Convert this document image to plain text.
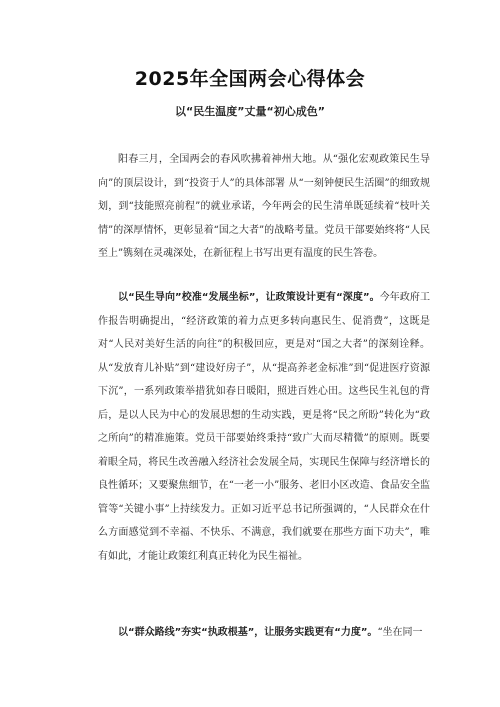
2025年全国两会心得体会
以“民生温度”丈量“初心成色”

阳春三月，全国两会的春风吹拂着神州大地。从“强化宏观政策民生导向”的顶层设计，到“投资于人”的具体部署 从“一刻钟便民生活圈”的细致规划，到“技能照亮前程”的就业承诺，今年两会的民生清单既延续着“枝叶关情”的深厚情怀，更彰显着“国之大者”的战略考量。党员干部要始终将“人民至上”镌刻在灵魂深处，在新征程上书写出更有温度的民生答卷。

以“民生导向”校准“发展坐标”，让政策设计更有“深度”。今年政府工作报告明确提出，“经济政策的着力点更多转向惠民生、促消费”，这既是对“人民对美好生活的向往”的积极回应，更是对“国之大者”的深刻诠释。从“发放育儿补贴”到“建设好房子”，从“提高养老金标准”到“促进医疗资源下沉”，一系列政策举措犹如春日暖阳，照进百姓心田。这些民生礼包的背后，是以人民为中心的发展思想的生动实践，更是将“民之所盼”转化为“政之所向”的精准施策。党员干部要始终秉持“致广大而尽精微”的原则。既要着眼全局，将民生改善融入经济社会发展全局，实现民生保障与经济增长的良性循环；又要聚焦细节，在“一老一小”服务、老旧小区改造、食品安全监管等“关键小事”上持续发力。正如习近平总书记所强调的，“人民群众在什么方面感觉到不幸福、不快乐、不满意，我们就要在那些方面下功夫”，唯有如此，才能让政策红利真正转化为民生福祉。

以“群众路线”夯实“执政根基”，让服务实践更有“力度”。“坐在同一
